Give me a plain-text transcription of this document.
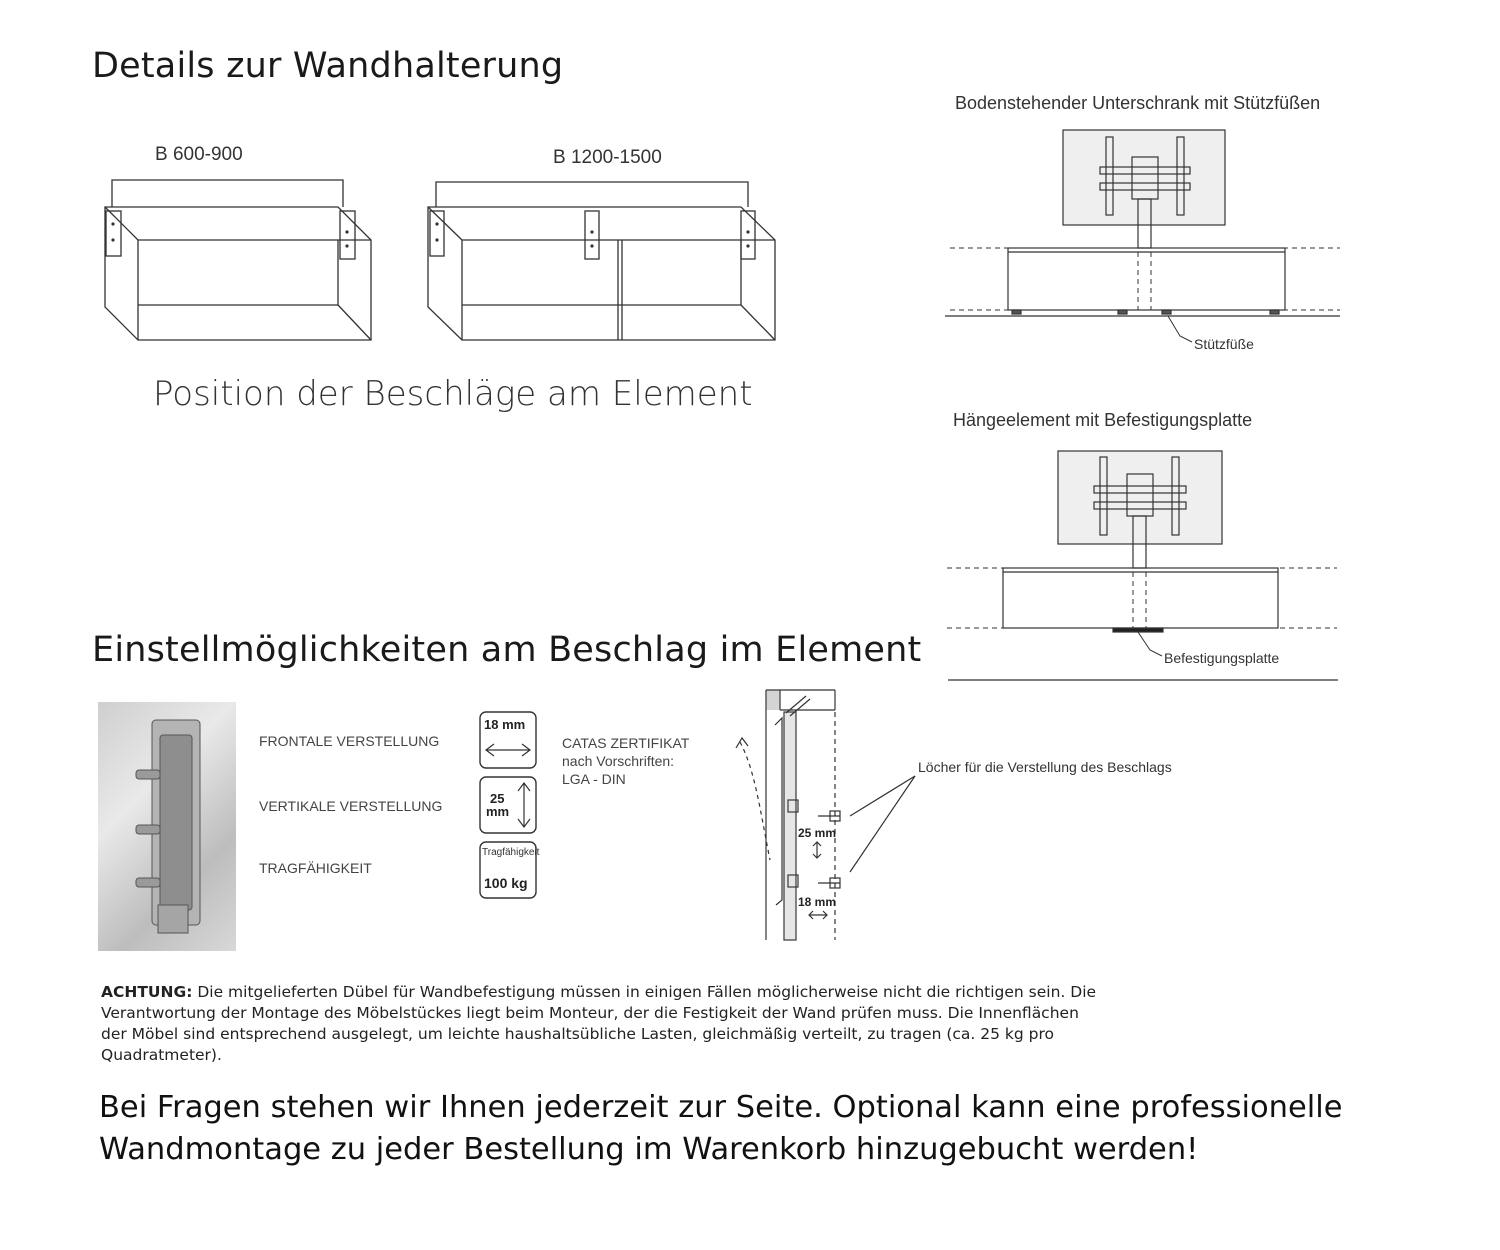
Details zur Wandhalterung
Einstellmöglichkeiten am Beschlag im Element
B 600-900	B 1200-1500
Position der Beschläge am Element
Bodenstehender Unterschrank mit Stützfüßen
Stützfüße
Hängeelement mit Befestigungsplatte
Befestigungsplatte
FRONTALE VERSTELLUNG
VERTIKALE VERSTELLUNG
TRAGFÄHIGKEIT
18 mm
25
mm
Tragfähigkeit
100 kg
CATAS ZERTIFIKAT
nach Vorschriften:
LGA - DIN
25 mm
18 mm
Löcher für die Verstellung des Beschlags
ACHTUNG: Die mitgelieferten Dübel für Wandbefestigung müssen in einigen Fällen möglicherweise nicht die richtigen sein. Die Verantwortung der Montage des Möbelstückes liegt beim Monteur, der die Festigkeit der Wand prüfen muss. Die Innenflächen der Möbel sind entsprechend ausgelegt, um leichte haushaltsübliche Lasten, gleichmäßig verteilt, zu tragen (ca. 25 kg pro Quadratmeter).
Bei Fragen stehen wir Ihnen jederzeit zur Seite. Optional kann eine professionelle Wandmontage zu jeder Bestellung im Warenkorb hinzugebucht werden!
